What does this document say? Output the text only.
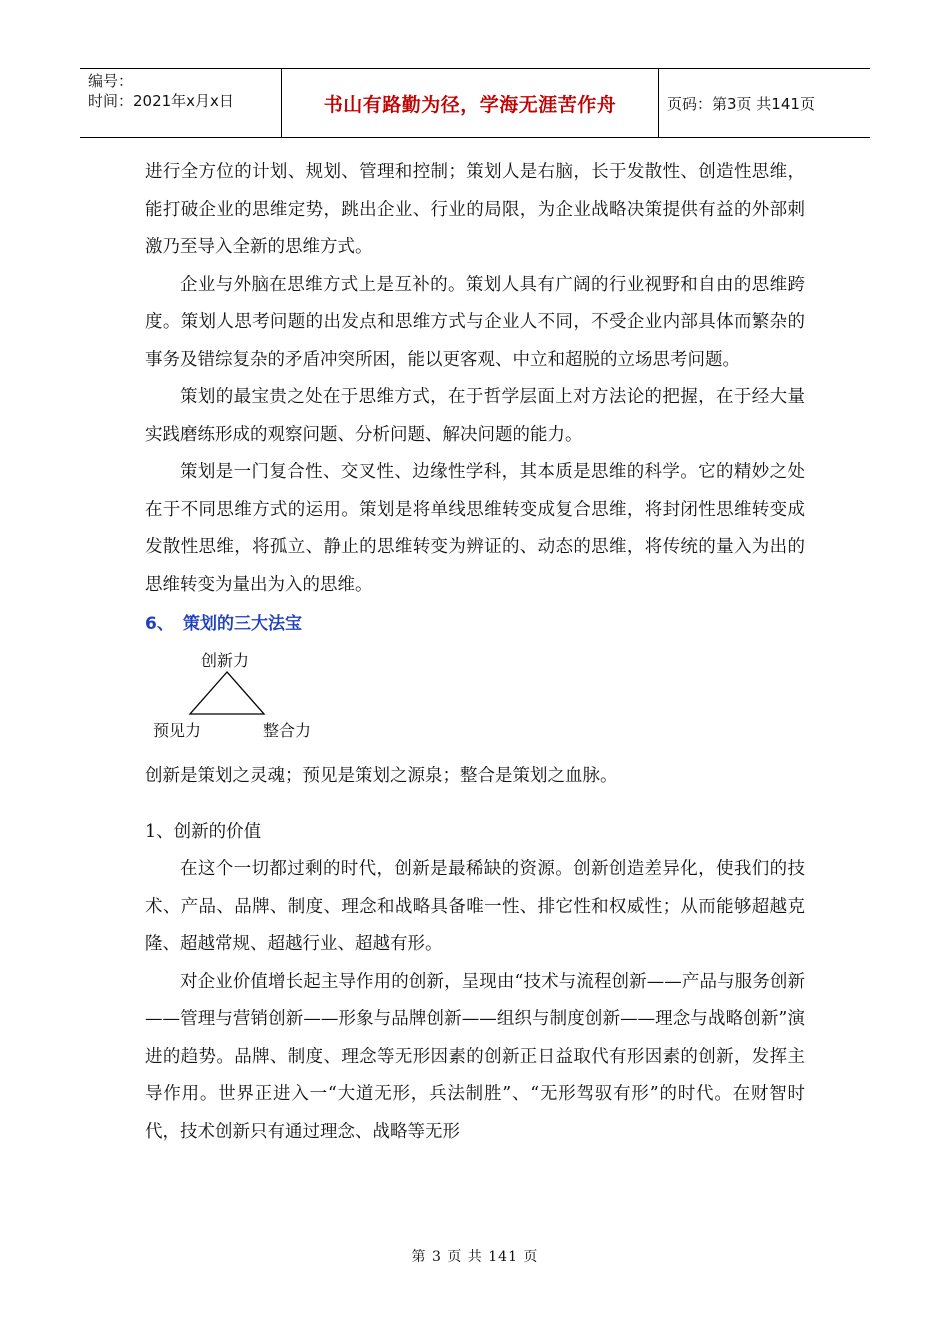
编号：
时间：2021年x月x日	书山有路勤为径，学海无涯苦作舟	页码：第3页 共141页

进行全方位的计划、规划、管理和控制；策划人是右脑，长于发散性、创造性思维，能打破企业的思维定势，跳出企业、行业的局限，为企业战略决策提供有益的外部刺激乃至导入全新的思维方式。

企业与外脑在思维方式上是互补的。策划人具有广阔的行业视野和自由的思维跨度。策划人思考问题的出发点和思维方式与企业人不同，不受企业内部具体而繁杂的事务及错综复杂的矛盾冲突所困，能以更客观、中立和超脱的立场思考问题。

策划的最宝贵之处在于思维方式，在于哲学层面上对方法论的把握，在于经大量实践磨练形成的观察问题、分析问题、解决问题的能力。

策划是一门复合性、交叉性、边缘性学科，其本质是思维的科学。它的精妙之处在于不同思维方式的运用。策划是将单线思维转变成复合思维，将封闭性思维转变成发散性思维，将孤立、静止的思维转变为辨证的、动态的思维，将传统的量入为出的思维转变为量出为入的思维。

6、 策划的三大法宝
创新力
预见力	整合力

创新是策划之灵魂；预见是策划之源泉；整合是策划之血脉。

1、创新的价值

在这个一切都过剩的时代，创新是最稀缺的资源。创新创造差异化，使我们的技术、产品、品牌、制度、理念和战略具备唯一性、排它性和权威性；从而能够超越克隆、超越常规、超越行业、超越有形。

对企业价值增长起主导作用的创新，呈现由“技术与流程创新——产品与服务创新——管理与营销创新——形象与品牌创新——组织与制度创新——理念与战略创新”演进的趋势。品牌、制度、理念等无形因素的创新正日益取代有形因素的创新，发挥主导作用。世界正进入一“大道无形，兵法制胜”、“无形驾驭有形”的时代。在财智时代，技术创新只有通过理念、战略等无形

第 3 页 共 141 页
